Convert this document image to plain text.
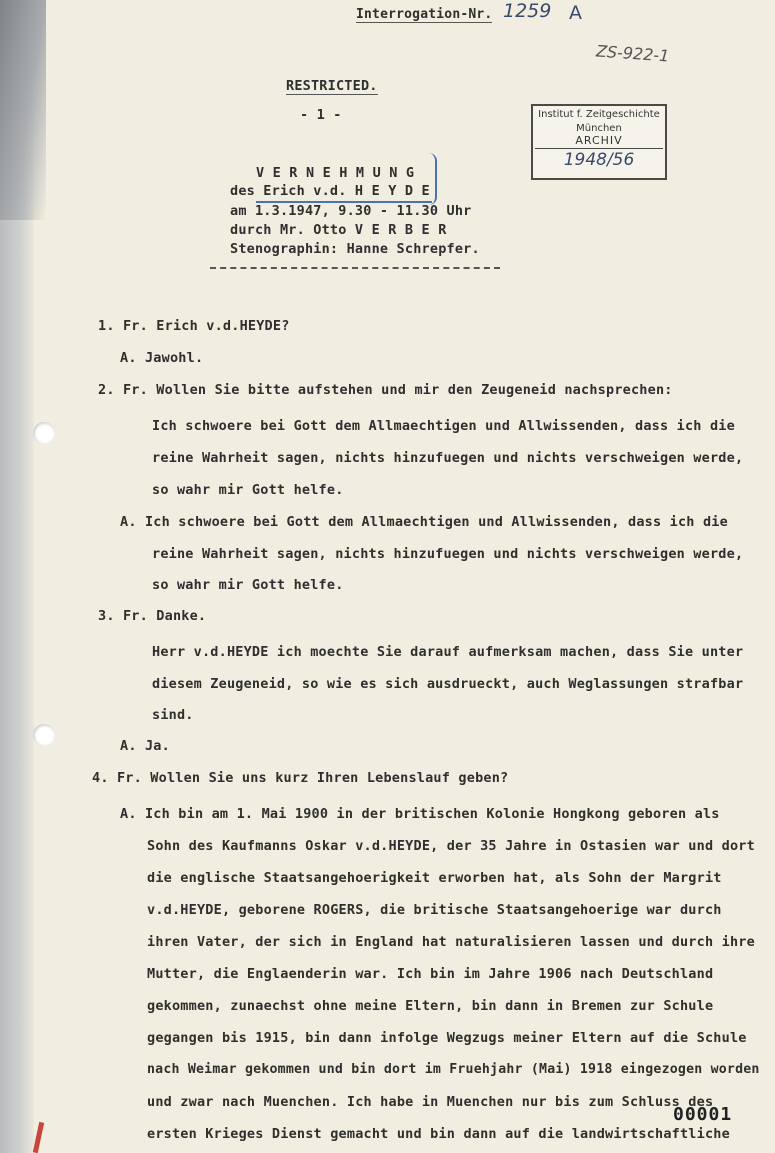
Interrogation-Nr. 1259 A
ZS-922-1
Institut f. Zeitgeschichte
München
ARCHIV
1948/56
RESTRICTED.
- 1 -
V E R N E H M U N G
des Erich v.d. H E Y D E
am 1.3.1947, 9.30 - 11.30 Uhr
durch Mr. Otto V E R B E R
Stenographin: Hanne Schrepfer.
1. Fr. Erich v.d.HEYDE?
A. Jawohl.
2. Fr. Wollen Sie bitte aufstehen und mir den Zeugeneid nachsprechen:
Ich schwoere bei Gott dem Allmaechtigen und Allwissenden, dass ich die
reine Wahrheit sagen, nichts hinzufuegen und nichts verschweigen werde,
so wahr mir Gott helfe.
A. Ich schwoere bei Gott dem Allmaechtigen und Allwissenden, dass ich die
reine Wahrheit sagen, nichts hinzufuegen und nichts verschweigen werde,
so wahr mir Gott helfe.
3. Fr. Danke.
Herr v.d.HEYDE ich moechte Sie darauf aufmerksam machen, dass Sie unter
diesem Zeugeneid, so wie es sich ausdrueckt, auch Weglassungen strafbar
sind.
A. Ja.
4. Fr. Wollen Sie uns kurz Ihren Lebenslauf geben?
A. Ich bin am 1. Mai 1900 in der britischen Kolonie Hongkong geboren als
Sohn des Kaufmanns Oskar v.d.HEYDE, der 35 Jahre in Ostasien war und dort
die englische Staatsangehoerigkeit erworben hat, als Sohn der Margrit
v.d.HEYDE, geborene ROGERS, die britische Staatsangehoerige war durch
ihren Vater, der sich in England hat naturalisieren lassen und durch ihre
Mutter, die Englaenderin war. Ich bin im Jahre 1906 nach Deutschland
gekommen, zunaechst ohne meine Eltern, bin dann in Bremen zur Schule
gegangen bis 1915, bin dann infolge Wegzugs meiner Eltern auf die Schule
nach Weimar gekommen und bin dort im Fruehjahr (Mai) 1918 eingezogen worden
und zwar nach Muenchen. Ich habe in Muenchen nur bis zum Schluss des
ersten Krieges Dienst gemacht und bin dann auf die landwirtschaftliche
00001
